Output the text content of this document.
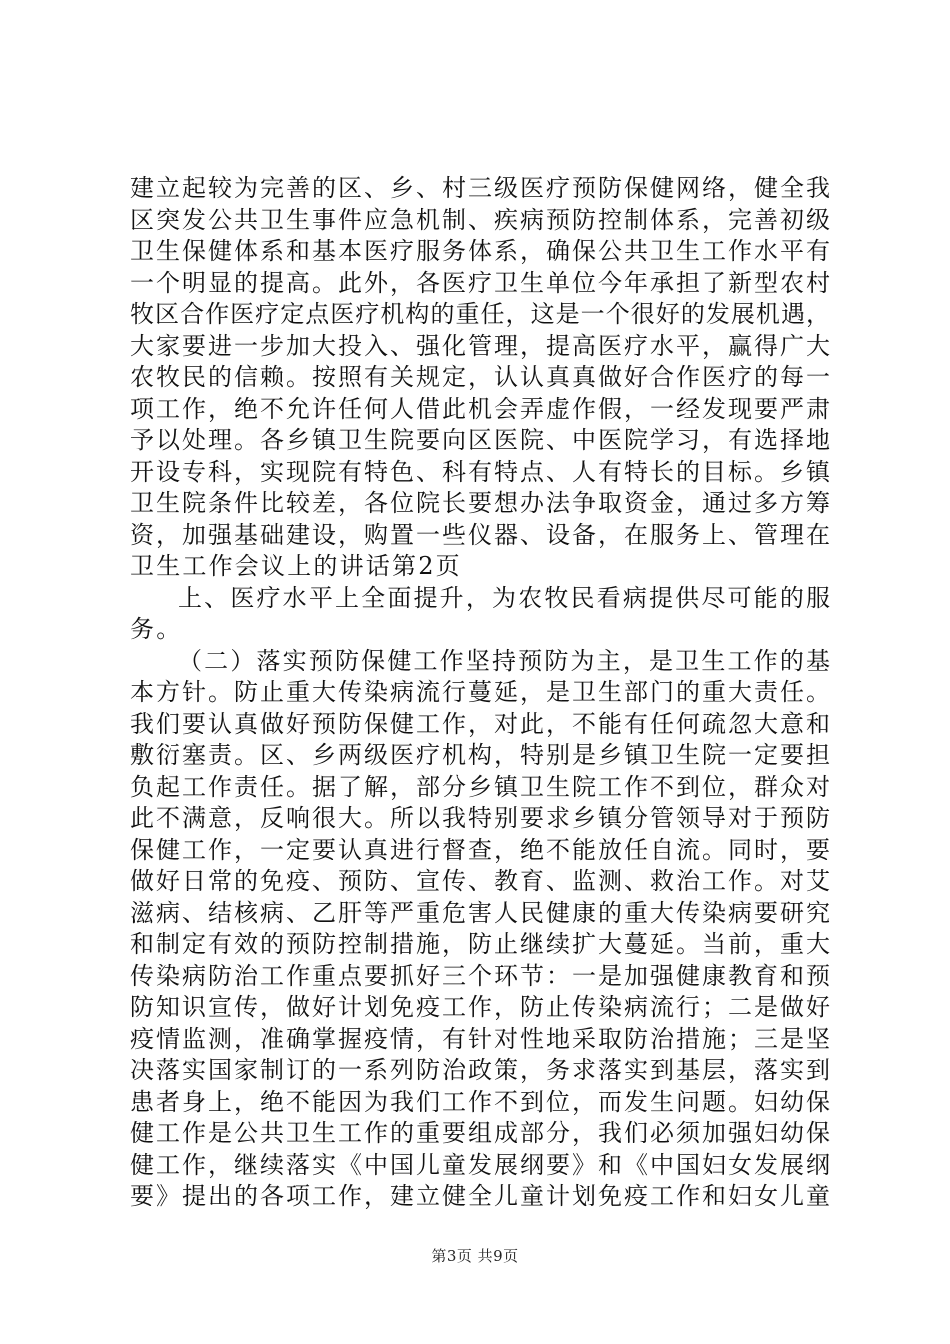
建立起较为完善的区、乡、村三级医疗预防保健网络，健全我
区突发公共卫生事件应急机制、疾病预防控制体系，完善初级
卫生保健体系和基本医疗服务体系，确保公共卫生工作水平有
一个明显的提高。此外，各医疗卫生单位今年承担了新型农村
牧区合作医疗定点医疗机构的重任，这是一个很好的发展机遇，
大家要进一步加大投入、强化管理，提高医疗水平，赢得广大
农牧民的信赖。按照有关规定，认认真真做好合作医疗的每一
项工作，绝不允许任何人借此机会弄虚作假，一经发现要严肃
予以处理。各乡镇卫生院要向区医院、中医院学习，有选择地
开设专科，实现院有特色、科有特点、人有特长的目标。乡镇
卫生院条件比较差，各位院长要想办法争取资金，通过多方筹
资，加强基础建设，购置一些仪器、设备，在服务上、管理在
卫生工作会议上的讲话第2页
上、医疗水平上全面提升，为农牧民看病提供尽可能的服
务。
（二）落实预防保健工作坚持预防为主，是卫生工作的基
本方针。防止重大传染病流行蔓延，是卫生部门的重大责任。
我们要认真做好预防保健工作，对此，不能有任何疏忽大意和
敷衍塞责。区、乡两级医疗机构，特别是乡镇卫生院一定要担
负起工作责任。据了解，部分乡镇卫生院工作不到位，群众对
此不满意，反响很大。所以我特别要求乡镇分管领导对于预防
保健工作，一定要认真进行督查，绝不能放任自流。同时，要
做好日常的免疫、预防、宣传、教育、监测、救治工作。对艾
滋病、结核病、乙肝等严重危害人民健康的重大传染病要研究
和制定有效的预防控制措施，防止继续扩大蔓延。当前，重大
传染病防治工作重点要抓好三个环节：一是加强健康教育和预
防知识宣传，做好计划免疫工作，防止传染病流行；二是做好
疫情监测，准确掌握疫情，有针对性地采取防治措施；三是坚
决落实国家制订的一系列防治政策，务求落实到基层，落实到
患者身上，绝不能因为我们工作不到位，而发生问题。妇幼保
健工作是公共卫生工作的重要组成部分，我们必须加强妇幼保
健工作，继续落实《中国儿童发展纲要》和《中国妇女发展纲
要》提出的各项工作，建立健全儿童计划免疫工作和妇女儿童
第3页 共9页
